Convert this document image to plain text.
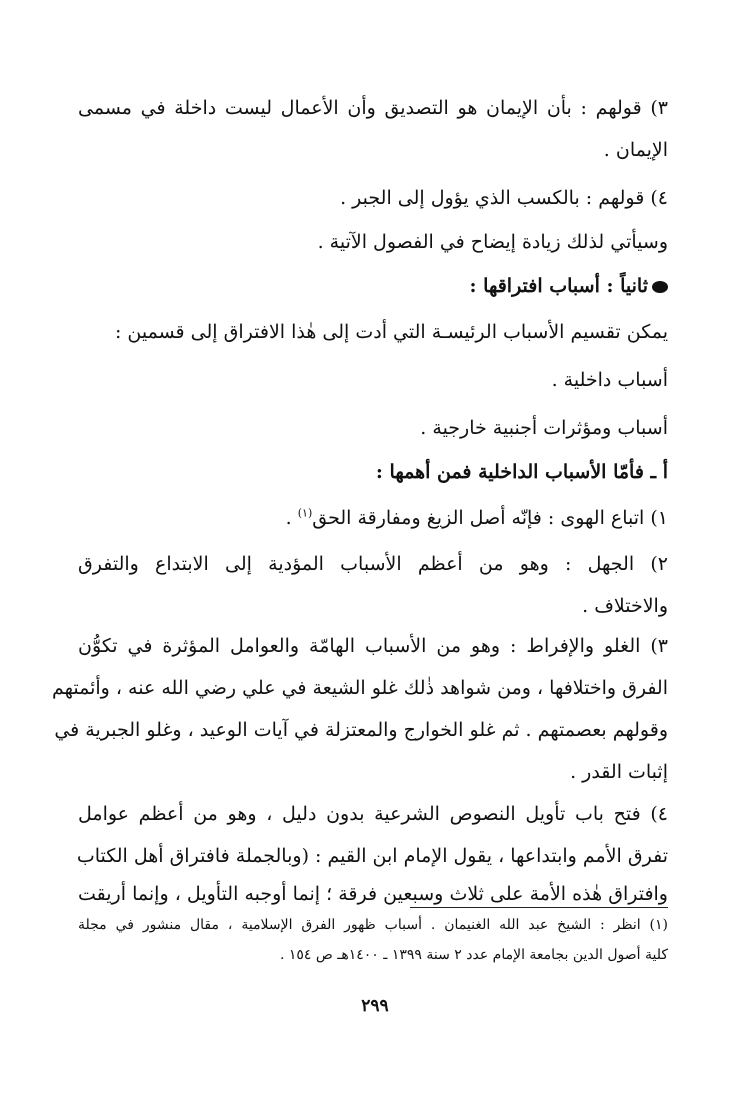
٣) قولهم : بأن الإيمان هو التصديق وأن الأعمال ليست داخلة في مسمى
الإيمان .
٤) قولهم : بالكسب الذي يؤول إلى الجبر .
وسيأتي لذلك زيادة إيضاح في الفصول الآتية .
ثانياً : أسباب افتراقها :
يمكن تقسيم الأسباب الرئيسـة التي أدت إلى هٰذا الافتراق إلى قسمين :
أسباب داخلية .
أسباب ومؤثرات أجنبية خارجية .
أ ـ فأمّا الأسباب الداخلية فمن أهمها :
١) اتباع الهوى : فإنّه أصل الزيغ ومفارقة الحق$^{(١)}$ .
٢) الجهل : وهو من أعظم الأسباب المؤدية إلى الابتداع والتفرق
والاختلاف .
٣) الغلو والإفراط : وهو من الأسباب الهامّة والعوامل المؤثرة في تكوُّن
الفرق واختلافها ، ومن شواهد ذٰلك غلو الشيعة في علي رضي الله عنه ، وأئمتهم
وقولهم بعصمتهم . ثم غلو الخوارج والمعتزلة في آيات الوعيد ، وغلو الجبرية في
إثبات القدر .
٤) فتح باب تأويل النصوص الشرعية بدون دليل ، وهو من أعظم عوامل
تفرق الأمم وابتداعها ، يقول الإمام ابن القيم : (وبالجملة فافتراق أهل الكتاب
وافتراق هٰذه الأمة على ثلاث وسبعين فرقة ؛ إنما أوجبه التأويل ، وإنما أريقت
(١) انظر : الشيخ عبد الله الغنيمان . أسباب ظهور الفرق الإسلامية ، مقال منشور في مجلة
كلية أصول الدين بجامعة الإمام عدد ٢ سنة ١٣٩٩ ـ ١٤٠٠هـ ص ١٥٤ .
٢٩٩
